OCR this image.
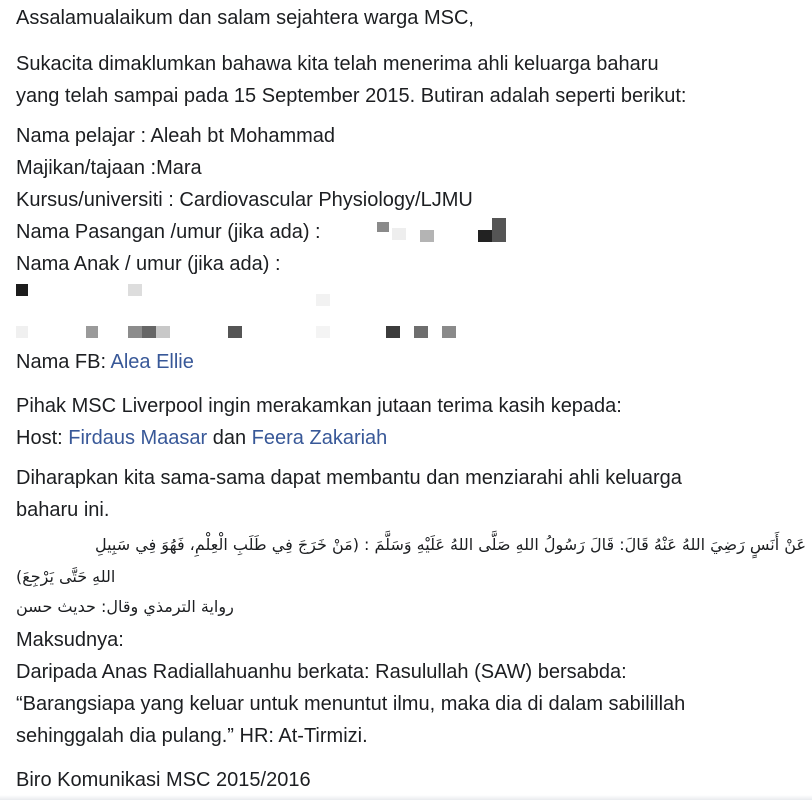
Assalamualaikum dan salam sejahtera warga MSC,
Sukacita dimaklumkan bahawa kita telah menerima ahli keluarga baharu
yang telah sampai pada 15 September 2015. Butiran adalah seperti berikut:
Nama pelajar : Aleah bt Mohammad
Majikan/tajaan :Mara
Kursus/universiti : Cardiovascular Physiology/LJMU
Nama Pasangan /umur (jika ada) :
Nama Anak / umur (jika ada) :
Nama FB: Alea Ellie
Pihak MSC Liverpool ingin merakamkan jutaan terima kasih kepada:
Host: Firdaus Maasar dan Feera Zakariah
Diharapkan kita sama-sama dapat membantu dan menziarahi ahli keluarga
baharu ini.
عَنْ أَنَسٍ رَضِيَ اللهُ عَنْهُ قَالَ: قَالَ رَسُولُ اللهِ صَلَّى اللهُ عَلَيْهِ وَسَلَّمَ : (مَنْ خَرَجَ فِي طَلَبِ الْعِلْمِ، فَهُوَ فِي سَبِيلِ
(اللهِ حَتَّى يَرْجِعَ
رواية الترمذي وقال: حديث حسن
Maksudnya:
Daripada Anas Radiallahuanhu berkata: Rasulullah (SAW) bersabda:
“Barangsiapa yang keluar untuk menuntut ilmu, maka dia di dalam sabilillah
sehinggalah dia pulang.” HR: At-Tirmizi.
Biro Komunikasi MSC 2015/2016
